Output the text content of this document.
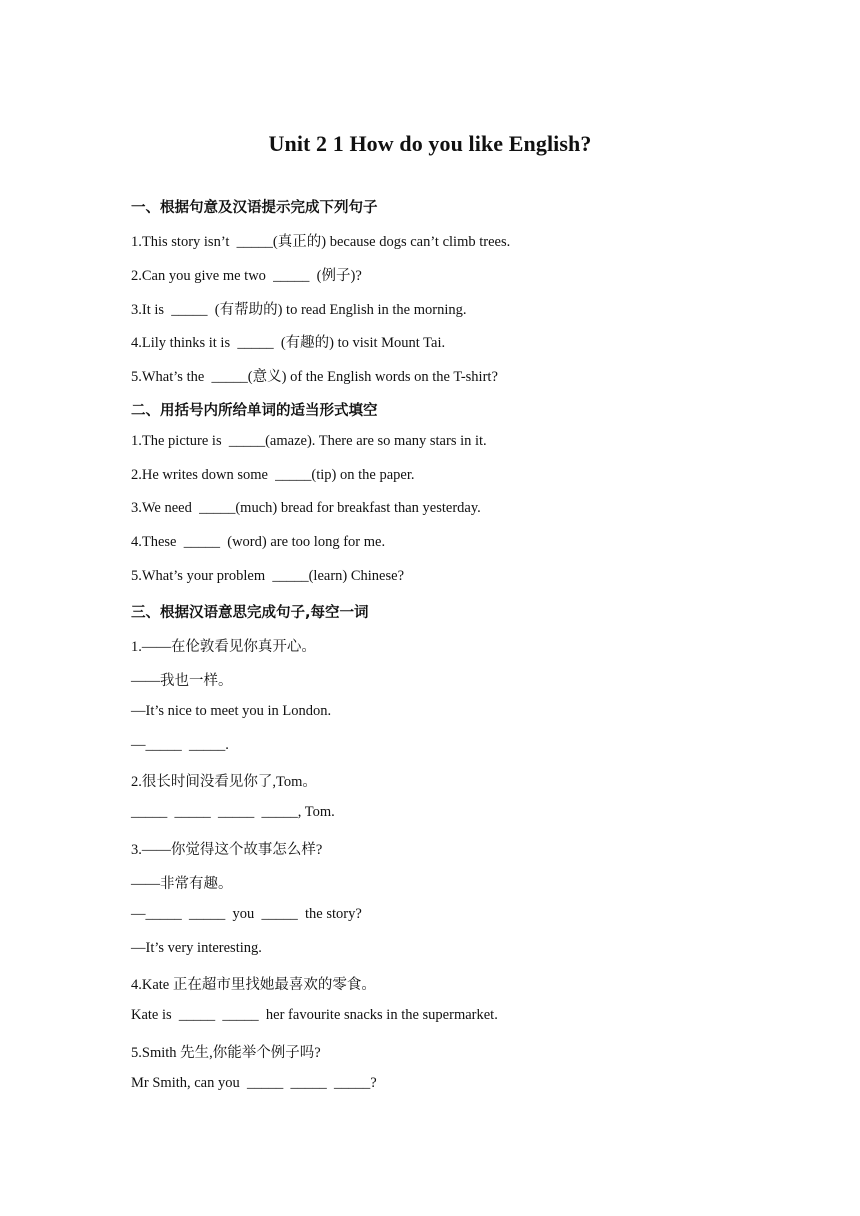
Unit 2 1 How do you like English?
一、根据句意及汉语提示完成下列句子
1.This story isn’t  _____(真正的) because dogs can’t climb trees.
2.Can you give me two  _____  (例子)?
3.It is  _____  (有帮助的) to read English in the morning.
4.Lily thinks it is  _____  (有趣的) to visit Mount Tai.
5.What’s the  _____(意义) of the English words on the T-shirt?
二、用括号内所给单词的适当形式填空
1.The picture is  _____(amaze). There are so many stars in it.
2.He writes down some  _____(tip) on the paper.
3.We need  _____(much) bread for breakfast than yesterday.
4.These  _____  (word) are too long for me.
5.What’s your problem  _____(learn) Chinese?
三、根据汉语意思完成句子,每空一词
1.——在伦敦看见你真开心。
——我也一样。
—It’s nice to meet you in London.
—_____  _____.
2.很长时间没看见你了,Tom。
_____  _____  _____  _____, Tom.
3.——你觉得这个故事怎么样?
——非常有趣。
—_____  _____  you  _____  the story?
—It’s very interesting.
4.Kate 正在超市里找她最喜欢的零食。
Kate is  _____  _____  her favourite snacks in the supermarket.
5.Smith 先生,你能举个例子吗?
Mr Smith, can you  _____  _____  _____?
